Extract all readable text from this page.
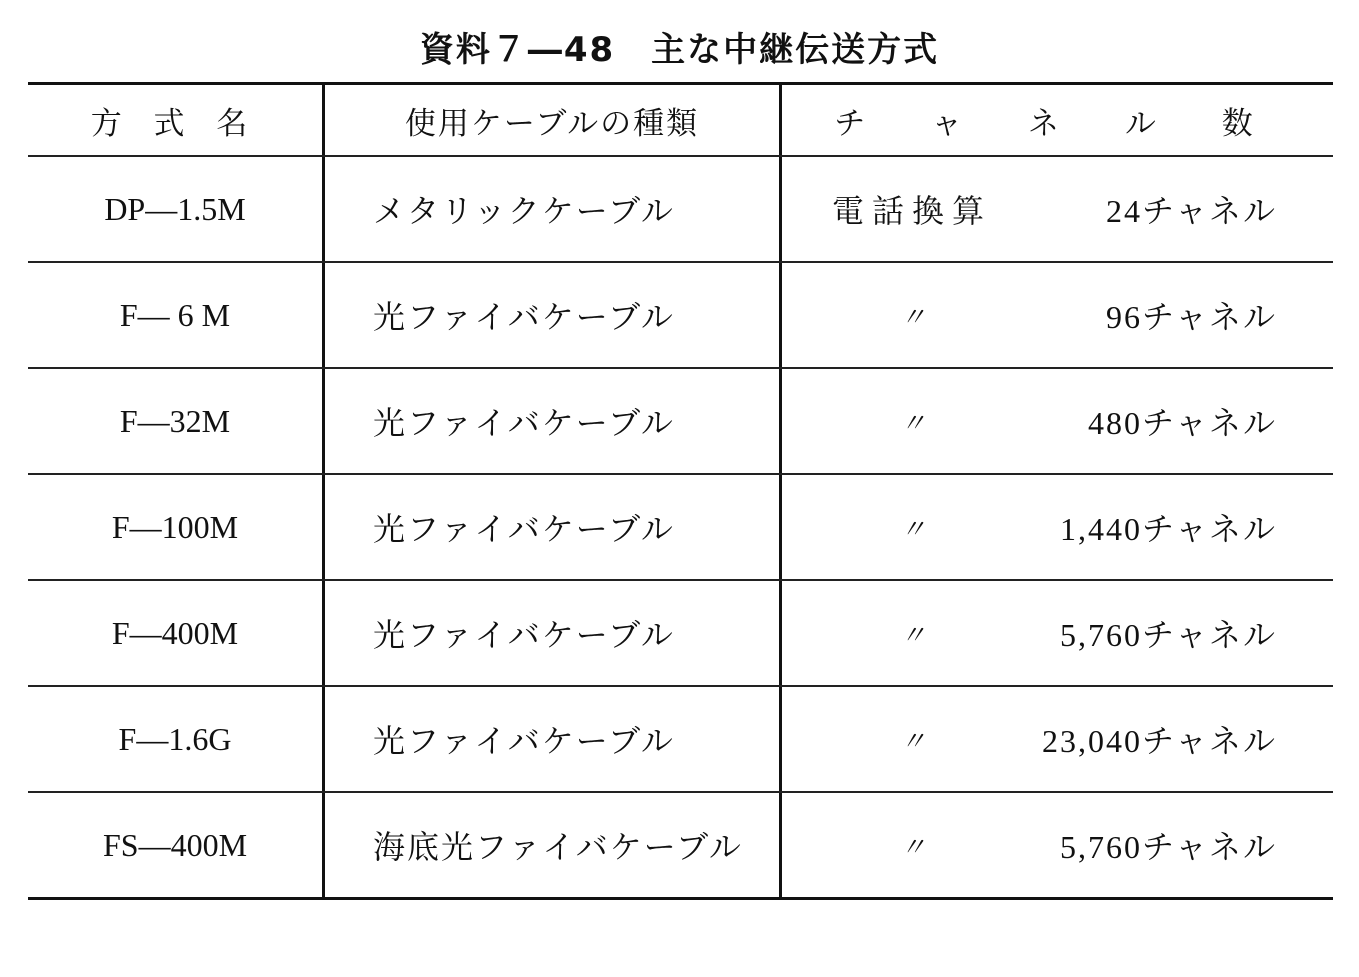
資料７―48　主な中継伝送方式
方 式 名	使用ケーブルの種類	チ ャ ネ ル 数
DP―1.5M	メタリックケーブル	電話換算	24チャネル
F― 6 M	光ファイバケーブル	〃	96チャネル
F―32M	光ファイバケーブル	〃	480チャネル
F―100M	光ファイバケーブル	〃	1,440チャネル
F―400M	光ファイバケーブル	〃	5,760チャネル
F―1.6G	光ファイバケーブル	〃	23,040チャネル
FS―400M	海底光ファイバケーブル	〃	5,760チャネル
